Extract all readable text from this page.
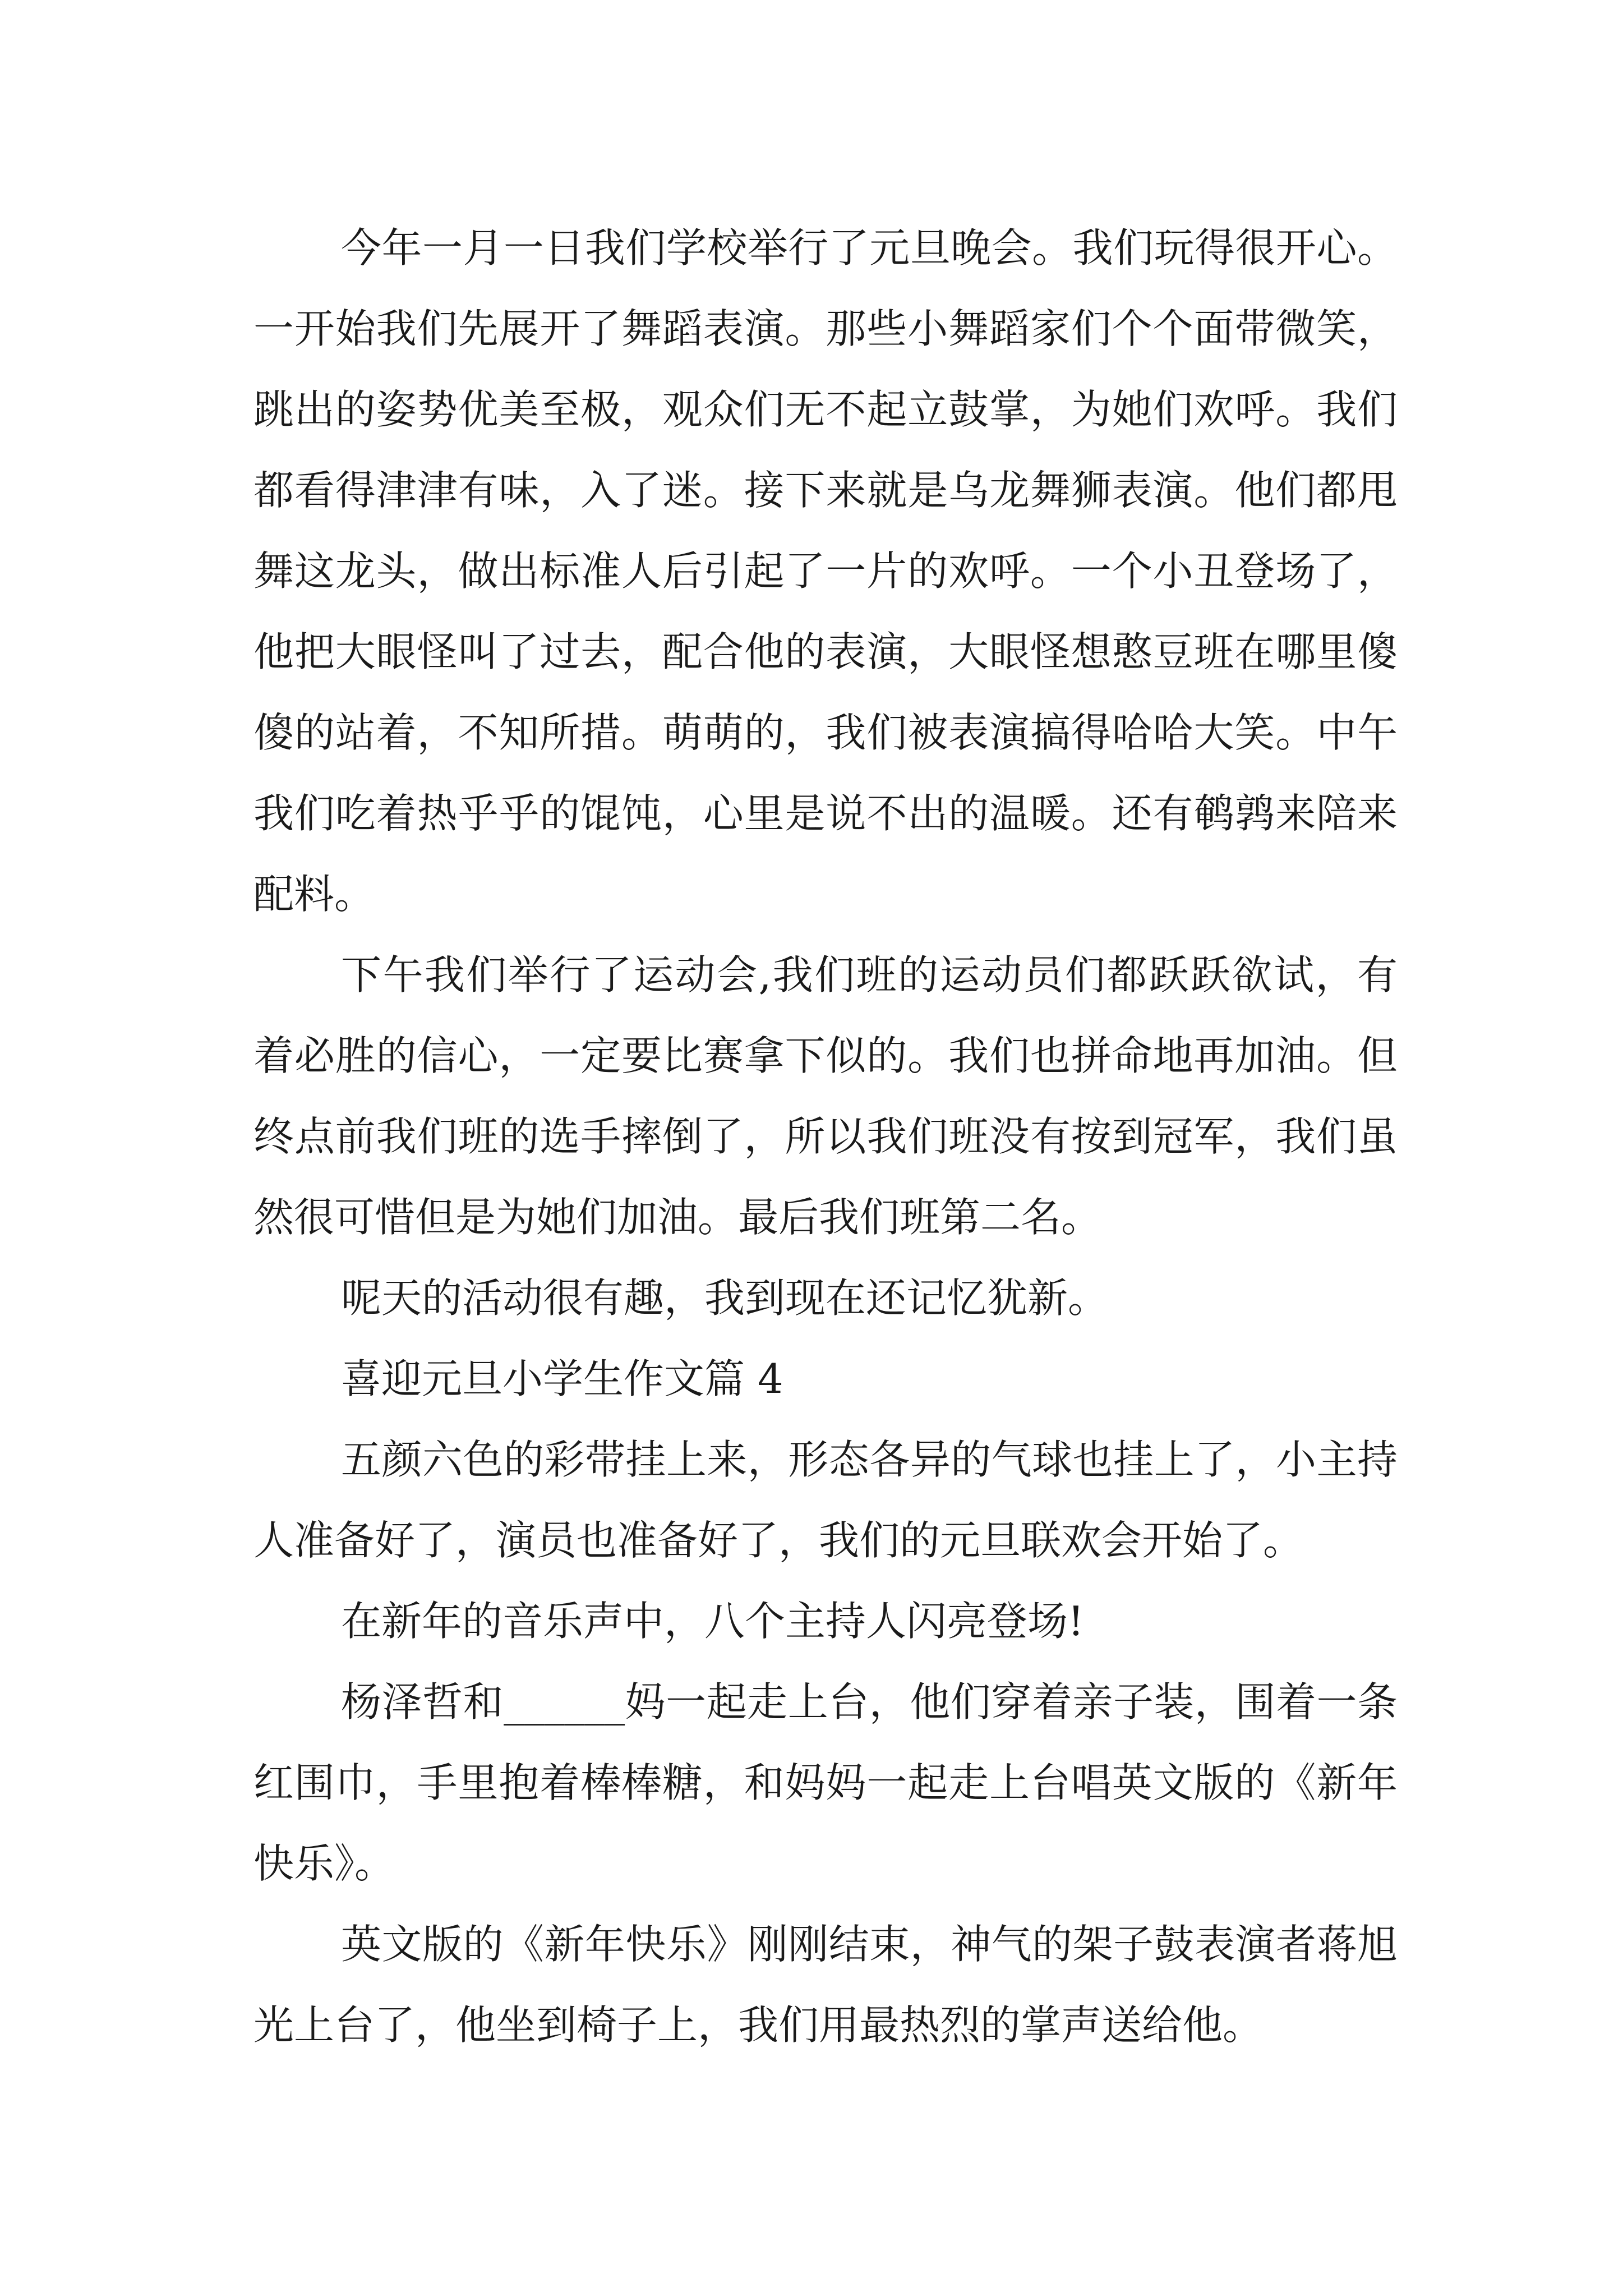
今年一月一日我们学校举行了元旦晚会。我们玩得很开心。一开始我们先展开了舞蹈表演。那些小舞蹈家们个个面带微笑，跳出的姿势优美至极，观众们无不起立鼓掌，为她们欢呼。我们都看得津津有味，入了迷。接下来就是乌龙舞狮表演。他们都甩舞这龙头，做出标准人后引起了一片的欢呼。一个小丑登场了，他把大眼怪叫了过去，配合他的表演，大眼怪想憨豆班在哪里傻傻的站着，不知所措。萌萌的，我们被表演搞得哈哈大笑。中午我们吃着热乎乎的馄饨，心里是说不出的温暖。还有鹌鹑来陪来配料。

下午我们举行了运动会,我们班的运动员们都跃跃欲试，有着必胜的信心，一定要比赛拿下似的。我们也拼命地再加油。但终点前我们班的选手摔倒了，所以我们班没有按到冠军，我们虽然很可惜但是为她们加油。最后我们班第二名。

呢天的活动很有趣，我到现在还记忆犹新。

喜迎元旦小学生作文篇 4

五颜六色的彩带挂上来，形态各异的气球也挂上了，小主持人准备好了，演员也准备好了，我们的元旦联欢会开始了。

在新年的音乐声中，八个主持人闪亮登场!

杨泽哲和______妈一起走上台，他们穿着亲子装，围着一条红围巾，手里抱着棒棒糖，和妈妈一起走上台唱英文版的《新年快乐》。

英文版的《新年快乐》刚刚结束，神气的架子鼓表演者蒋旭光上台了，他坐到椅子上，我们用最热烈的掌声送给他。
